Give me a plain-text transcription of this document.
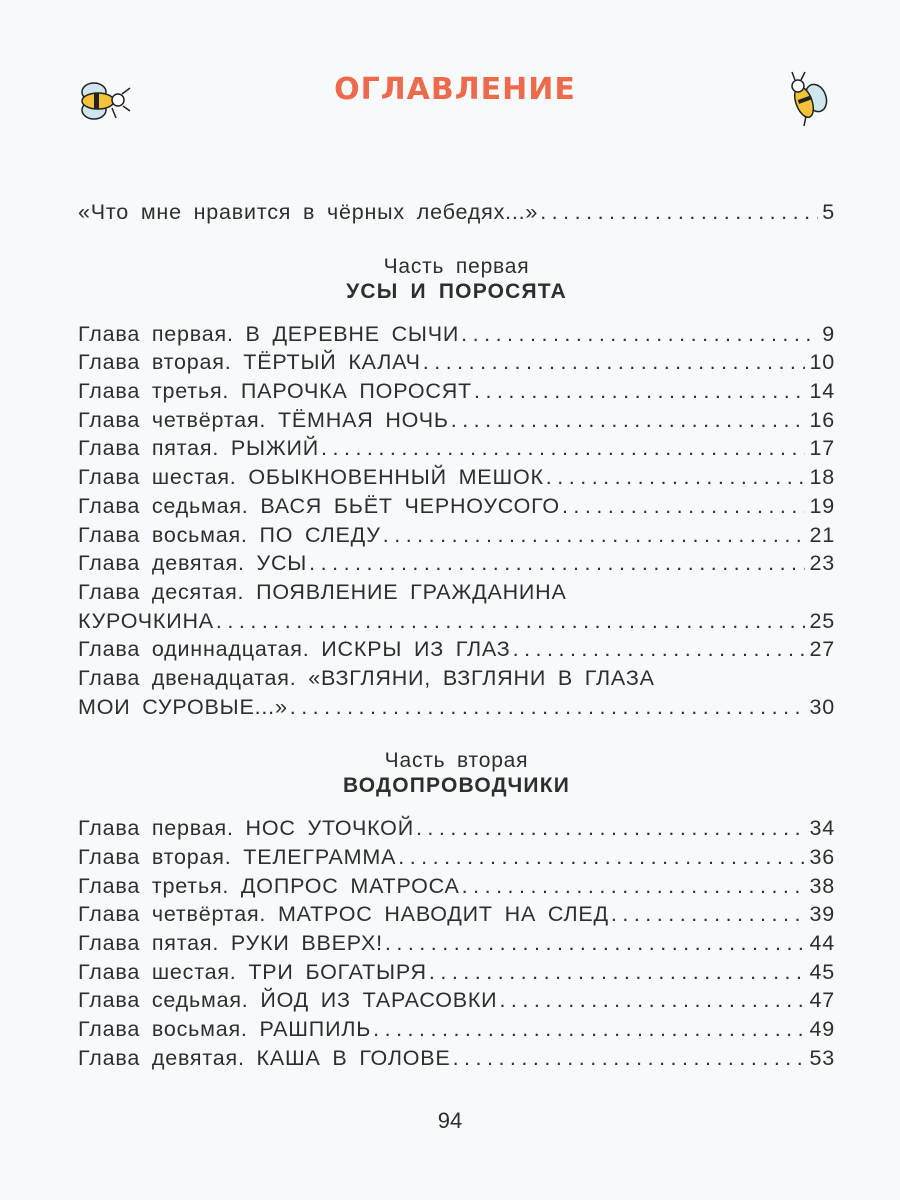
ОГЛАВЛЕНИЕ
«Что мне нравится в чёрных лебедях...» .....	5
Часть первая
УСЫ И ПОРОСЯТА
Глава первая. В ДЕРЕВНЕ СЫЧИ .....	9
Глава вторая. ТЁРТЫЙ КАЛАЧ .....	10
Глава третья. ПАРОЧКА ПОРОСЯТ .....	14
Глава четвёртая. ТЁМНАЯ НОЧЬ .....	16
Глава пятая. РЫЖИЙ .....	17
Глава шестая. ОБЫКНОВЕННЫЙ МЕШОК .....	18
Глава седьмая. ВАСЯ БЬЁТ ЧЕРНОУСОГО .....	19
Глава восьмая. ПО СЛЕДУ .....	21
Глава девятая. УСЫ .....	23
Глава десятая. ПОЯВЛЕНИЕ ГРАЖДАНИНА
КУРОЧКИНА .....	25
Глава одиннадцатая. ИСКРЫ ИЗ ГЛАЗ .....	27
Глава двенадцатая. «ВЗГЛЯНИ, ВЗГЛЯНИ В ГЛАЗА
МОИ СУРОВЫЕ...» .....	30
Часть вторая
ВОДОПРОВОДЧИКИ
Глава первая. НОС УТОЧКОЙ .....	34
Глава вторая. ТЕЛЕГРАММА .....	36
Глава третья. ДОПРОС МАТРОСА .....	38
Глава четвёртая. МАТРОС НАВОДИТ НА СЛЕД .....	39
Глава пятая. РУКИ ВВЕРХ! .....	44
Глава шестая. ТРИ БОГАТЫРЯ .....	45
Глава седьмая. ЙОД ИЗ ТАРАСОВКИ .....	47
Глава восьмая. РАШПИЛЬ .....	49
Глава девятая. КАША В ГОЛОВЕ .....	53
94
